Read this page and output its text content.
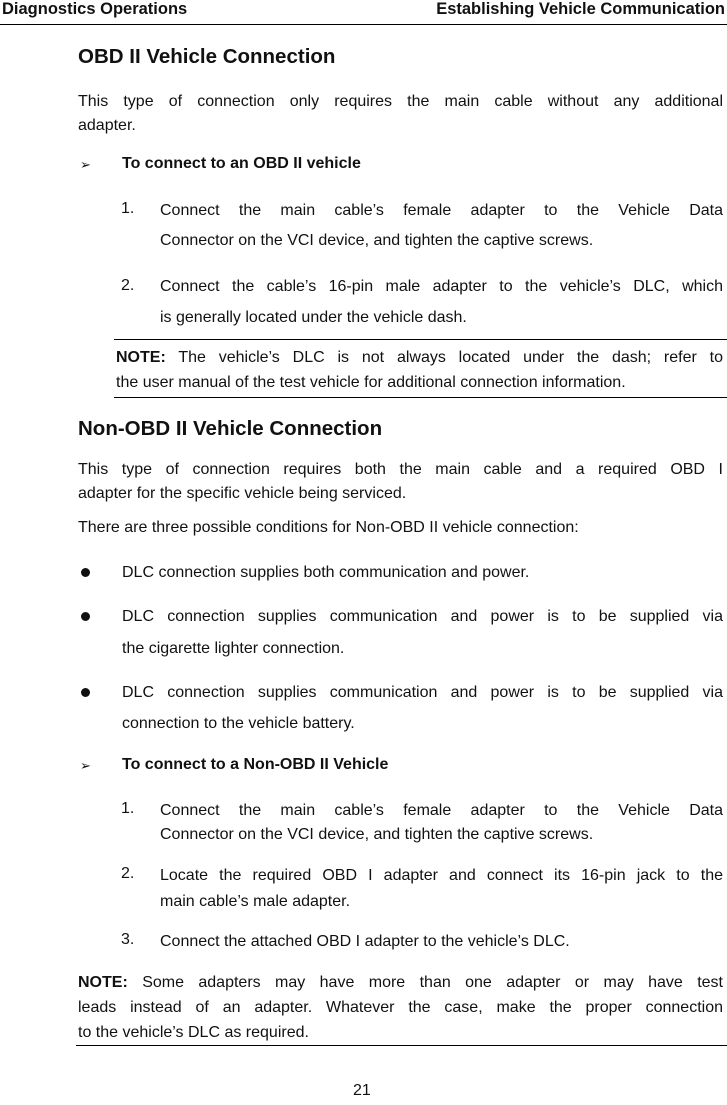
Diagnostics Operations	Establishing Vehicle Communication
OBD II Vehicle Connection
This type of connection only requires the main cable without any additional
adapter.
➢ To connect to an OBD II vehicle
1. Connect the main cable’s female adapter to the Vehicle Data
Connector on the VCI device, and tighten the captive screws.
2. Connect the cable’s 16-pin male adapter to the vehicle’s DLC, which
is generally located under the vehicle dash.
NOTE: The vehicle’s DLC is not always located under the dash; refer to
the user manual of the test vehicle for additional connection information.
Non-OBD II Vehicle Connection
This type of connection requires both the main cable and a required OBD I
adapter for the specific vehicle being serviced.
There are three possible conditions for Non-OBD II vehicle connection:
DLC connection supplies both communication and power.
DLC connection supplies communication and power is to be supplied via
the cigarette lighter connection.
DLC connection supplies communication and power is to be supplied via
connection to the vehicle battery.
➢ To connect to a Non-OBD II Vehicle
1. Connect the main cable’s female adapter to the Vehicle Data
Connector on the VCI device, and tighten the captive screws.
2. Locate the required OBD I adapter and connect its 16-pin jack to the
main cable’s male adapter.
3. Connect the attached OBD I adapter to the vehicle’s DLC.
NOTE: Some adapters may have more than one adapter or may have test
leads instead of an adapter. Whatever the case, make the proper connection
to the vehicle’s DLC as required.
21
